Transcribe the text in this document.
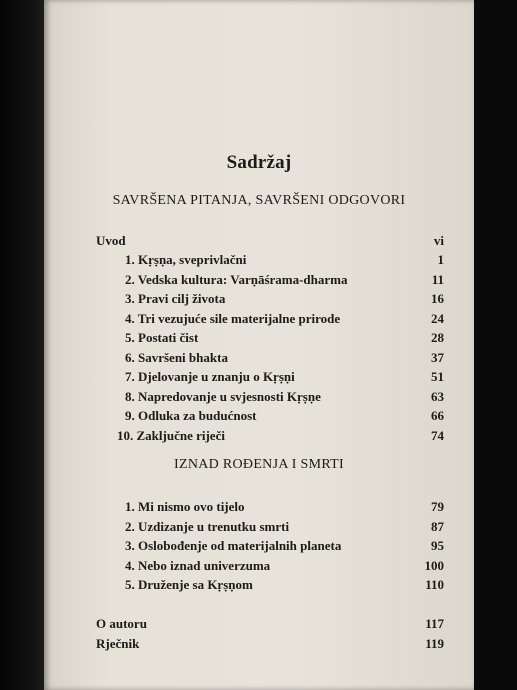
Sadržaj
SAVRŠENA PITANJA, SAVRŠENI ODGOVORI
Uvod	vi
1. Kṛṣṇa, sveprivlačni	1
2. Vedska kultura: Varṇāśrama-dharma	11
3. Pravi cilj života	16
4. Tri vezujuće sile materijalne prirode	24
5. Postati čist	28
6. Savršeni bhakta	37
7. Djelovanje u znanju o Kṛṣṇi	51
8. Napredovanje u svjesnosti Kṛṣṇe	63
9. Odluka za budućnost	66
10. Zaključne riječi	74
IZNAD ROĐENJA I SMRTI
1. Mi nismo ovo tijelo	79
2. Uzdizanje u trenutku smrti	87
3. Oslobođenje od materijalnih planeta	95
4. Nebo iznad univerzuma	100
5. Druženje sa Kṛṣṇom	110
O autoru	117
Rječnik	119
